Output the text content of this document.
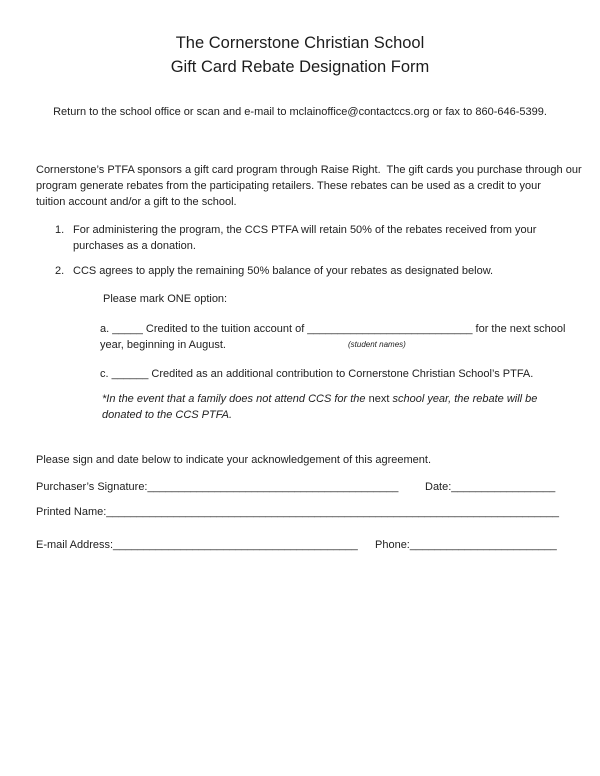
The Cornerstone Christian School
Gift Card Rebate Designation Form
Return to the school office or scan and e-mail to mclainoffice@contactccs.org or fax to 860-646-5399.
Cornerstone’s PTFA sponsors a gift card program through Raise Right.  The gift cards you purchase through our
program generate rebates from the participating retailers. These rebates can be used as a credit to your
tuition account and/or a gift to the school.
1. For administering the program, the CCS PTFA will retain 50% of the rebates received from your
purchases as a donation.
2. CCS agrees to apply the remaining 50% balance of your rebates as designated below.
Please mark ONE option:
a. _____ Credited to the tuition account of ___________________________ for the next school
year, beginning in August.	(student names)
c. ______ Credited as an additional contribution to Cornerstone Christian School’s PTFA.
*In the event that a family does not attend CCS for the next school year, the rebate will be
donated to the CCS PTFA.
Please sign and date below to indicate your acknowledgement of this agreement.
Purchaser’s Signature:_________________________________________ Date:_________________
Printed Name:__________________________________________________________________________
E-mail Address:________________________________________ Phone:________________________
